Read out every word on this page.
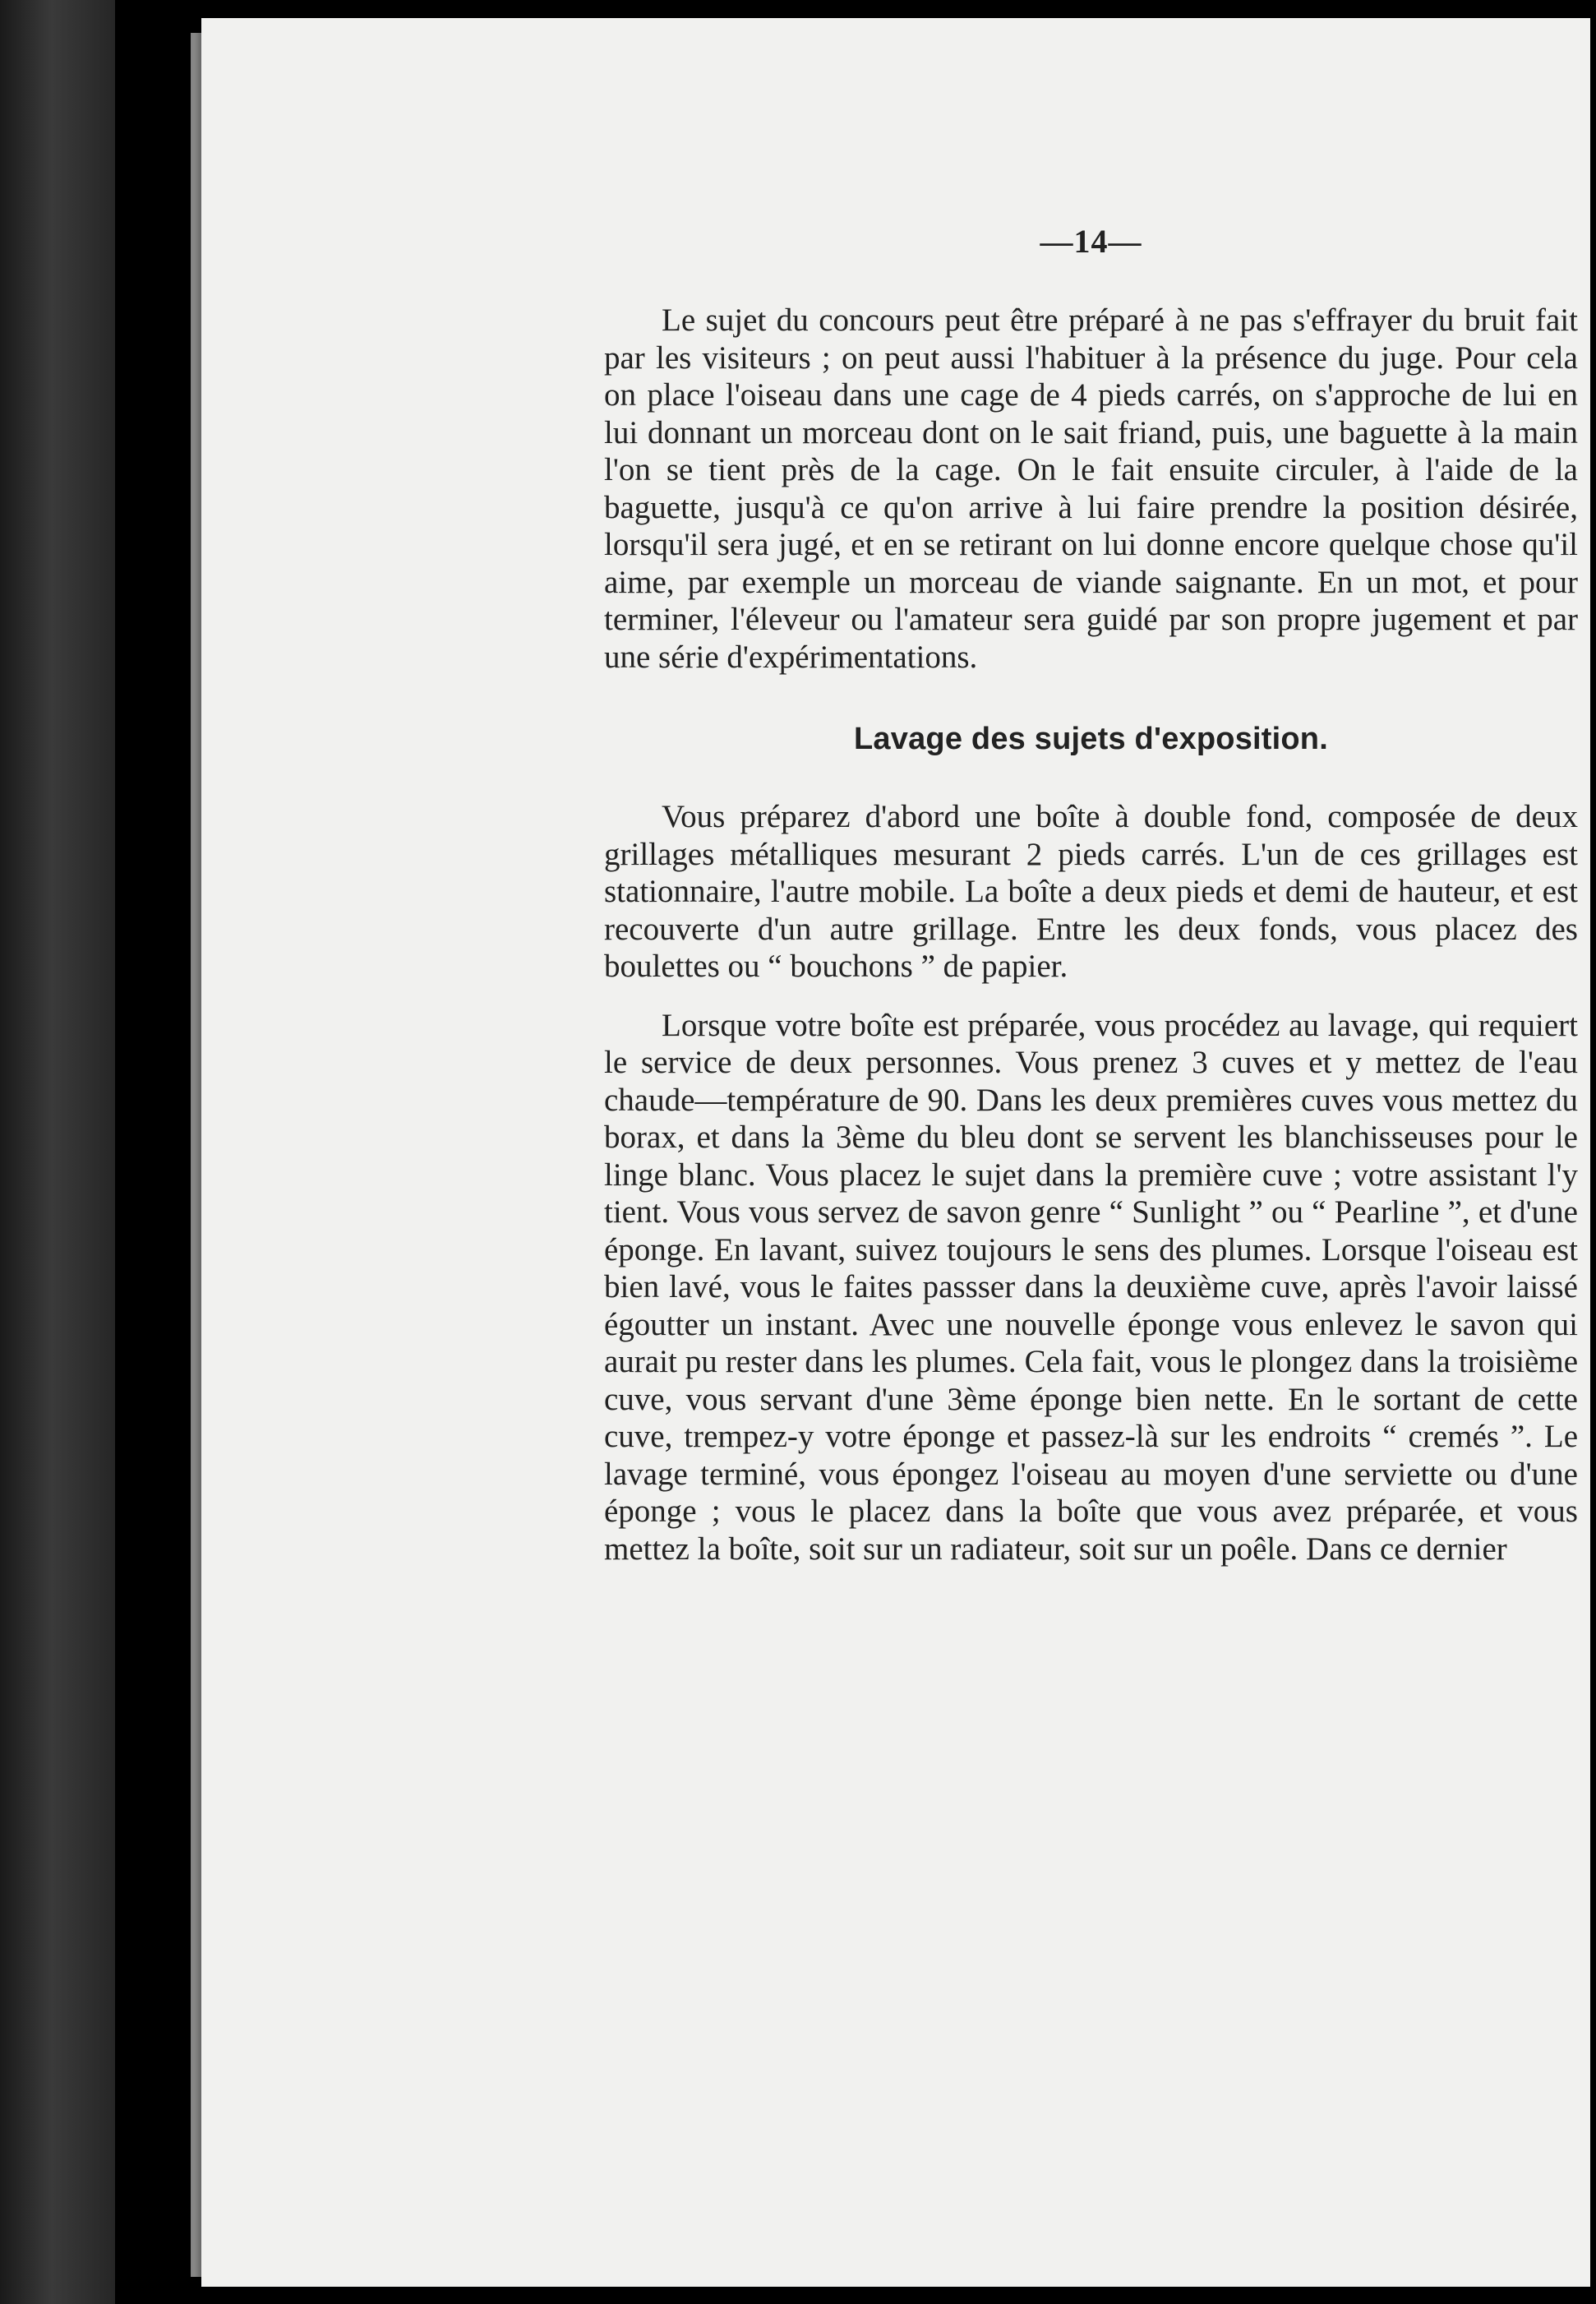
—14—

Le sujet du concours peut être préparé à ne pas s'effrayer du bruit fait par les visiteurs ; on peut aussi l'habituer à la présence du juge. Pour cela on place l'oiseau dans une cage de 4 pieds carrés, on s'approche de lui en lui donnant un morceau dont on le sait friand, puis, une baguette à la main l'on se tient près de la cage. On le fait ensuite circuler, à l'aide de la baguette, jusqu'à ce qu'on arrive à lui faire prendre la position désirée, lorsqu'il sera jugé, et en se retirant on lui donne encore quelque chose qu'il aime, par exemple un morceau de viande saignante. En un mot, et pour terminer, l'éleveur ou l'amateur sera guidé par son propre jugement et par une série d'expérimentations.

Lavage des sujets d'exposition.

Vous préparez d'abord une boîte à double fond, composée de deux grillages métalliques mesurant 2 pieds carrés. L'un de ces grillages est stationnaire, l'autre mobile. La boîte a deux pieds et demi de hauteur, et est recouverte d'un autre grillage. Entre les deux fonds, vous placez des boulettes ou “ bouchons ” de papier.

Lorsque votre boîte est préparée, vous procédez au lavage, qui requiert le service de deux personnes. Vous prenez 3 cuves et y mettez de l'eau chaude—température de 90. Dans les deux premières cuves vous mettez du borax, et dans la 3ème du bleu dont se servent les blanchisseuses pour le linge blanc. Vous placez le sujet dans la première cuve ; votre assistant l'y tient. Vous vous servez de savon genre “ Sunlight ” ou “ Pearline ”, et d'une éponge. En lavant, suivez toujours le sens des plumes. Lorsque l'oiseau est bien lavé, vous le faites passser dans la deuxième cuve, après l'avoir laissé égoutter un instant. Avec une nouvelle éponge vous enlevez le savon qui aurait pu rester dans les plumes. Cela fait, vous le plongez dans la troisième cuve, vous servant d'une 3ème éponge bien nette. En le sortant de cette cuve, trempez-y votre éponge et passez-là sur les endroits “ cremés ”. Le lavage terminé, vous épongez l'oiseau au moyen d'une serviette ou d'une éponge ; vous le placez dans la boîte que vous avez préparée, et vous mettez la boîte, soit sur un radiateur, soit sur un poêle. Dans ce dernier
